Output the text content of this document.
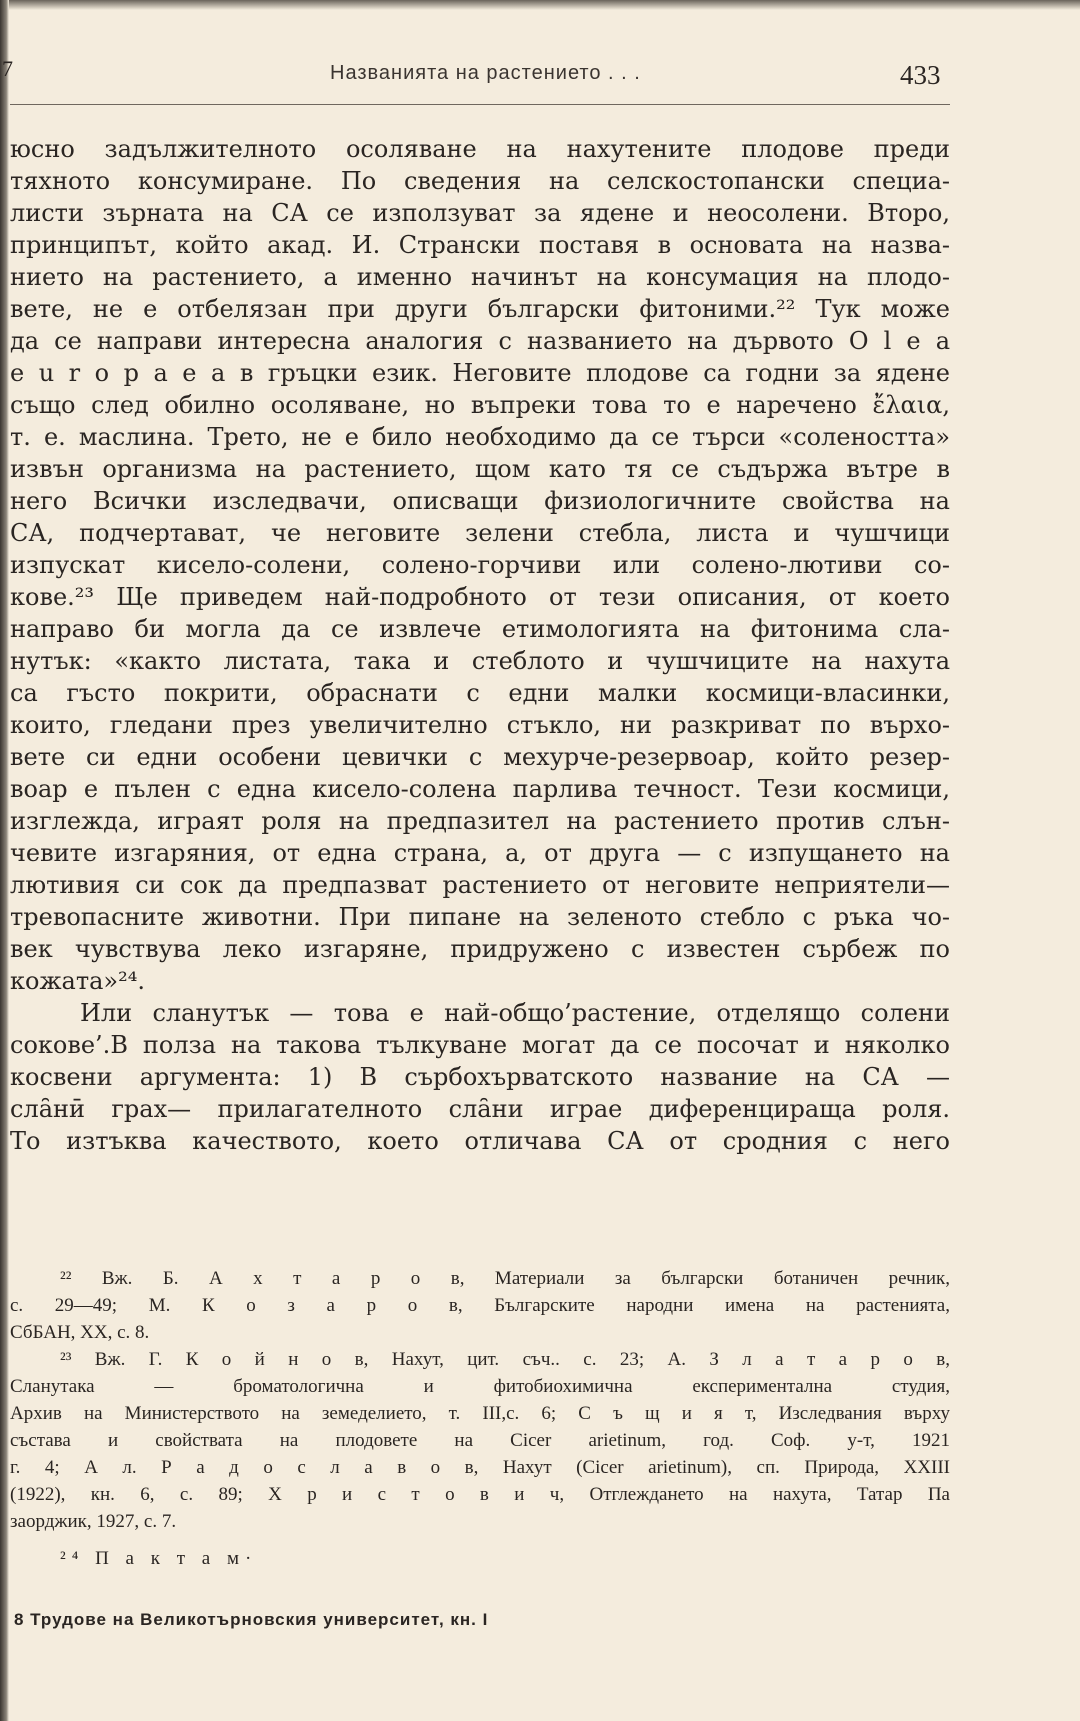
7	Названията на растението . . .	433
юсно задължителното осоляване на нахутените плодове преди
тяхното консумиране. По сведения на селскостопански специа-
листи зърната на СА се използуват за ядене и неосолени. Второ,
принципът, който акад. И. Странски поставя в основата на назва-
нието на растението, а именно начинът на консумация на плодо-
вете, не е отбелязан при други български фитоними.²² Тук може
да се направи интересна аналогия с названието на дървото О l е а
е u r о р а е а в гръцки език. Неговите плодове са годни за ядене
също след обилно осоляване, но въпреки това то е наречено ἔλαια,
т. е. маслина. Трето, не е било необходимо да се търси «солеността»
извън организма на растението, щом като тя се съдържа вътре в
него Всички изследвачи, описващи физиологичните свойства на
СА, подчертават, че неговите зелени стебла, листа и чушчици
изпускат кисело-солени, солено-горчиви или солено-лютиви со-
кове.²³ Ще приведем най-подробното от тези описания, от което
направо би могла да се извлече етимологията на фитонима сла-
нутък: «както листата, така и стеблото и чушчиците на нахута
са гъсто покрити, обраснати с едни малки космици-власинки,
които, гледани през увеличително стъкло, ни разкриват по върхо-
вете си едни особени цевички с мехурче-резервоар, който резер-
воар е пълен с една кисело-солена парлива течност. Тези космици,
изглежда, играят роля на предпазител на растението против слън-
чевите изгаряния, от една страна, а, от друга — с изпущането на
лютивия си сок да предпазват растението от неговите неприятели—
тревопасните животни. При пипане на зеленото стебло с ръка чо-
век чувствува леко изгаряне, придружено с известен сърбеж по
кожата»²⁴.
Или сланутък — това е най-общо’растение, отделящо солени
сокове’.В полза на такова тълкуване могат да се посочат и няколко
косвени аргумента: 1) В сърбохърватското название на СА —
слȃнӣ грах— прилагателното слȃни играе диференцираща роля.
То изтъква качеството, което отличава СА от сродния с него
²² Вж. Б. А х т а р о в, Материали за български ботаничен речник,
с. 29—49; М. К о з а р о в, Българските народни имена на растенията,
СбБАН, XX, с. 8.
²³ Вж. Г. К о й н о в, Нахут, цит. съч.. с. 23; А. З л а т а р о в,
Сланутака — броматологична и фитобиохимична експериментална студия,
Архив на Министерството на земеделието, т. III,с. 6; С ъ щ и я т, Изследвания върху
състава и свойствата на плодовете на Cicer arietinum, год. Соф. у-т, 1921
г. 4; А л. Р а д о с л а в о в, Нахут (Cicer arietinum), сп. Природа, XXIII
(1922), кн. 6, с. 89; Х р и с т о в и ч, Отглеждането на нахута, Татар Па
заорджик, 1927, с. 7.
²⁴ П а к т а м·
8 Трудове на Великотърновския университет, кн. I
